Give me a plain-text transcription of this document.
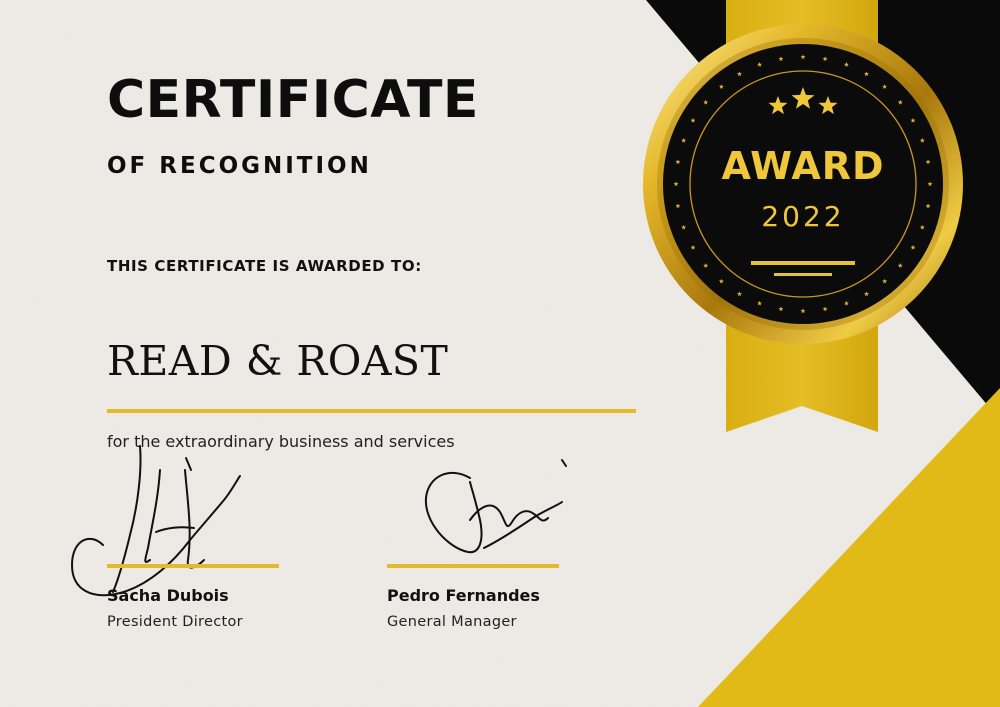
AWARD
2022
CERTIFICATE
OF RECOGNITION
THIS CERTIFICATE IS AWARDED TO:
READ & ROAST
for the extraordinary business and services
Sacha Dubois
President Director
Pedro Fernandes
General Manager
